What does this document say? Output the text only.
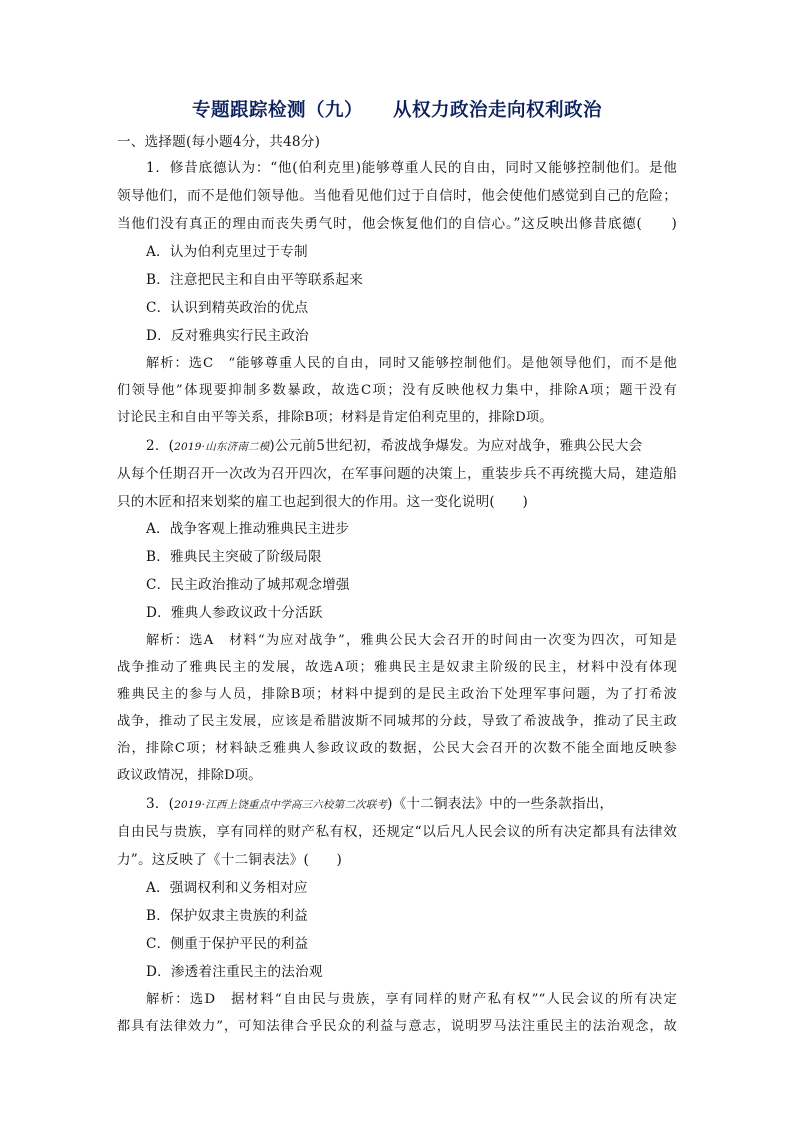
专题跟踪检测（九） 从权力政治走向权利政治
一、选择题(每小题4分，共48分)
1．修昔底德认为：“他(伯利克里)能够尊重人民的自由，同时又能够控制他们。是他
领导他们，而不是他们领导他。当他看见他们过于自信时，他会使他们感觉到自己的危险；
当他们没有真正的理由而丧失勇气时，他会恢复他们的自信心。”这反映出修昔底德(　　)
A．认为伯利克里过于专制
B．注意把民主和自由平等联系起来
C．认识到精英政治的优点
D．反对雅典实行民主政治
解析：选C　“能够尊重人民的自由，同时又能够控制他们。是他领导他们，而不是他
们领导他”体现要抑制多数暴政，故选C项；没有反映他权力集中，排除A项；题干没有
讨论民主和自由平等关系，排除B项；材料是肯定伯利克里的，排除D项。
2．(2019·山东济南二模)公元前5世纪初，希波战争爆发。为应对战争，雅典公民大会
从每个任期召开一次改为召开四次，在军事问题的决策上，重装步兵不再统揽大局，建造船
只的木匠和招来划桨的雇工也起到很大的作用。这一变化说明(　　)
A．战争客观上推动雅典民主进步
B．雅典民主突破了阶级局限
C．民主政治推动了城邦观念增强
D．雅典人参政议政十分活跃
解析：选A　材料“为应对战争”，雅典公民大会召开的时间由一次变为四次，可知是
战争推动了雅典民主的发展，故选A项；雅典民主是奴隶主阶级的民主，材料中没有体现
雅典民主的参与人员，排除B项；材料中提到的是民主政治下处理军事问题，为了打希波
战争，推动了民主发展，应该是希腊波斯不同城邦的分歧，导致了希波战争，推动了民主政
治，排除C项；材料缺乏雅典人参政议政的数据，公民大会召开的次数不能全面地反映参
政议政情况，排除D项。
3．(2019·江西上饶重点中学高三六校第二次联考)《十二铜表法》中的一些条款指出，
自由民与贵族，享有同样的财产私有权，还规定“以后凡人民会议的所有决定都具有法律效
力”。这反映了《十二铜表法》(　　)
A．强调权利和义务相对应
B．保护奴隶主贵族的利益
C．侧重于保护平民的利益
D．渗透着注重民主的法治观
解析：选D　据材料“自由民与贵族，享有同样的财产私有权”“人民会议的所有决定
都具有法律效力”，可知法律合乎民众的利益与意志，说明罗马法注重民主的法治观念，故
